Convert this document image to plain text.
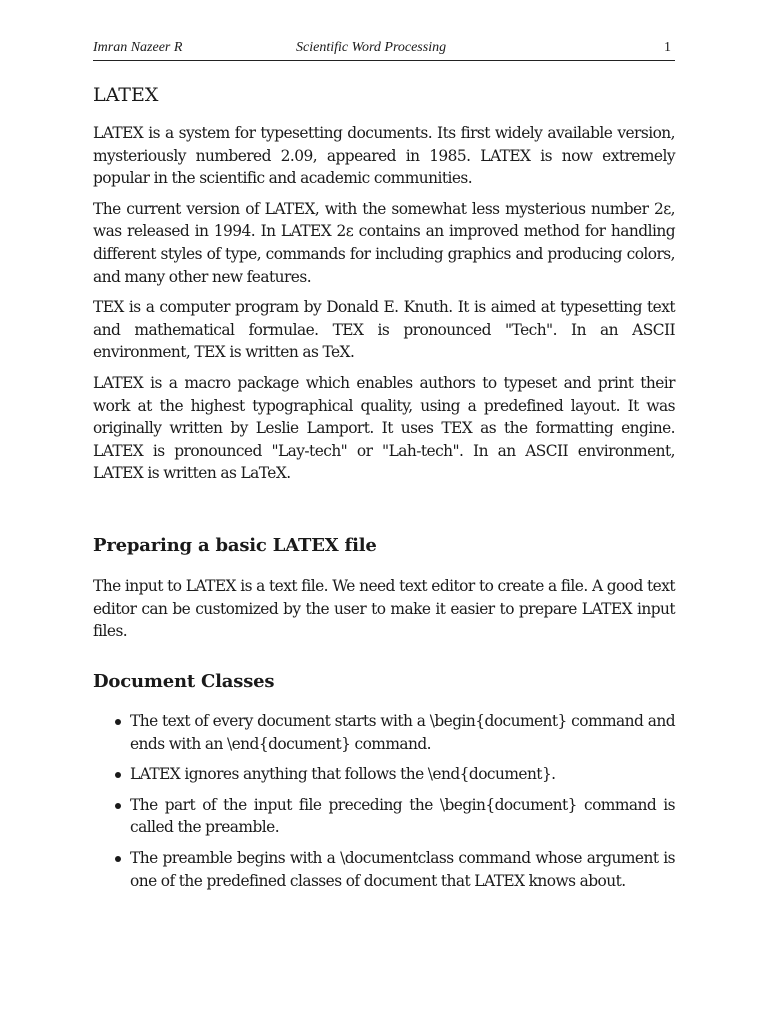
Imran Nazeer R	Scientific Word Processing	1
LATEX

LATEX is a system for typesetting documents. Its first widely available version, mysteriously numbered 2.09, appeared in 1985. LATEX is now extremely popular in the scientific and academic communities.

The current version of LATEX, with the somewhat less mysterious number 2ε, was released in 1994. In LATEX 2ε contains an improved method for handling different styles of type, commands for including graphics and producing colors, and many other new features.

TEX is a computer program by Donald E. Knuth. It is aimed at typesetting text and mathematical formulae. TEX is pronounced "Tech". In an ASCII environment, TEX is written as TeX.

LATEX is a macro package which enables authors to typeset and print their work at the highest typographical quality, using a predefined layout. It was originally written by Leslie Lamport. It uses TEX as the formatting engine. LATEX is pronounced "Lay-tech" or "Lah-tech". In an ASCII environment, LATEX is written as LaTeX.

Preparing a basic LATEX file

The input to LATEX is a text file. We need text editor to create a file. A good text editor can be customized by the user to make it easier to prepare LATEX input files.

Document Classes

The text of every document starts with a \begin{document} command and ends with an \end{document} command.

LATEX ignores anything that follows the \end{document}.

The part of the input file preceding the \begin{document} command is called the preamble.

The preamble begins with a \documentclass command whose argument is one of the predefined classes of document that LATEX knows about.
